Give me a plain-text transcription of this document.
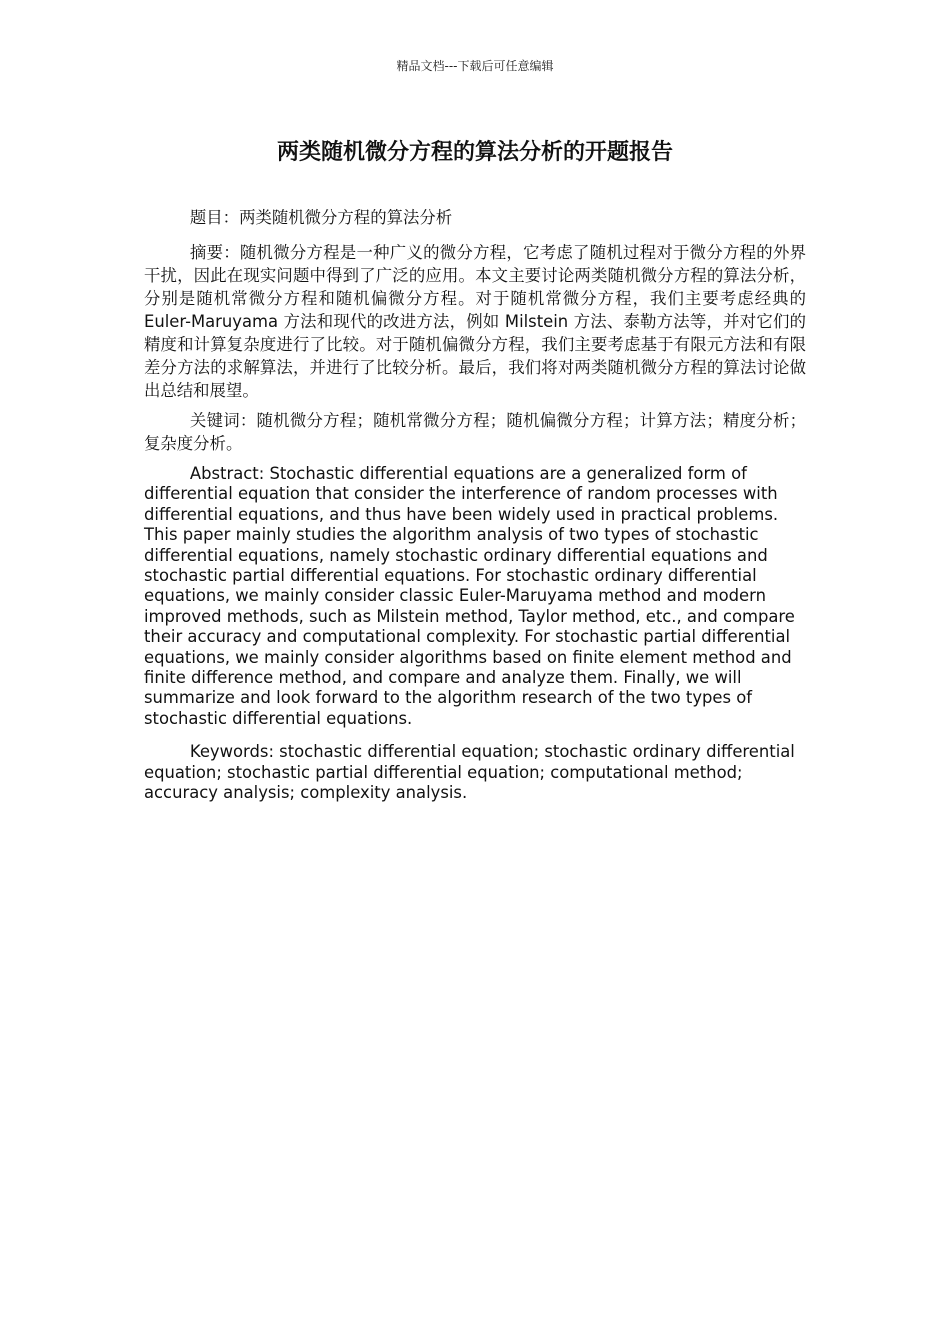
精品文档---下载后可任意编辑
两类随机微分方程的算法分析的开题报告

题目：两类随机微分方程的算法分析

摘要：随机微分方程是一种广义的微分方程，它考虑了随机过程对于微分方程的外界干扰，因此在现实问题中得到了广泛的应用。本文主要讨论两类随机微分方程的算法分析，分别是随机常微分方程和随机偏微分方程。对于随机常微分方程，我们主要考虑经典的 Euler-Maruyama 方法和现代的改进方法，例如 Milstein 方法、泰勒方法等，并对它们的精度和计算复杂度进行了比较。对于随机偏微分方程，我们主要考虑基于有限元方法和有限差分方法的求解算法，并进行了比较分析。最后，我们将对两类随机微分方程的算法讨论做出总结和展望。

关键词：随机微分方程；随机常微分方程；随机偏微分方程；计算方法；精度分析；复杂度分析。

Abstract: Stochastic differential equations are a generalized form of differential equation that consider the interference of random processes with differential equations, and thus have been widely used in practical problems. This paper mainly studies the algorithm analysis of two types of stochastic differential equations, namely stochastic ordinary differential equations and stochastic partial differential equations. For stochastic ordinary differential equations, we mainly consider classic Euler-Maruyama method and modern improved methods, such as Milstein method, Taylor method, etc., and compare their accuracy and computational complexity. For stochastic partial differential equations, we mainly consider algorithms based on finite element method and finite difference method, and compare and analyze them. Finally, we will summarize and look forward to the algorithm research of the two types of stochastic differential equations.

Keywords: stochastic differential equation; stochastic ordinary differential equation; stochastic partial differential equation; computational method; accuracy analysis; complexity analysis.
